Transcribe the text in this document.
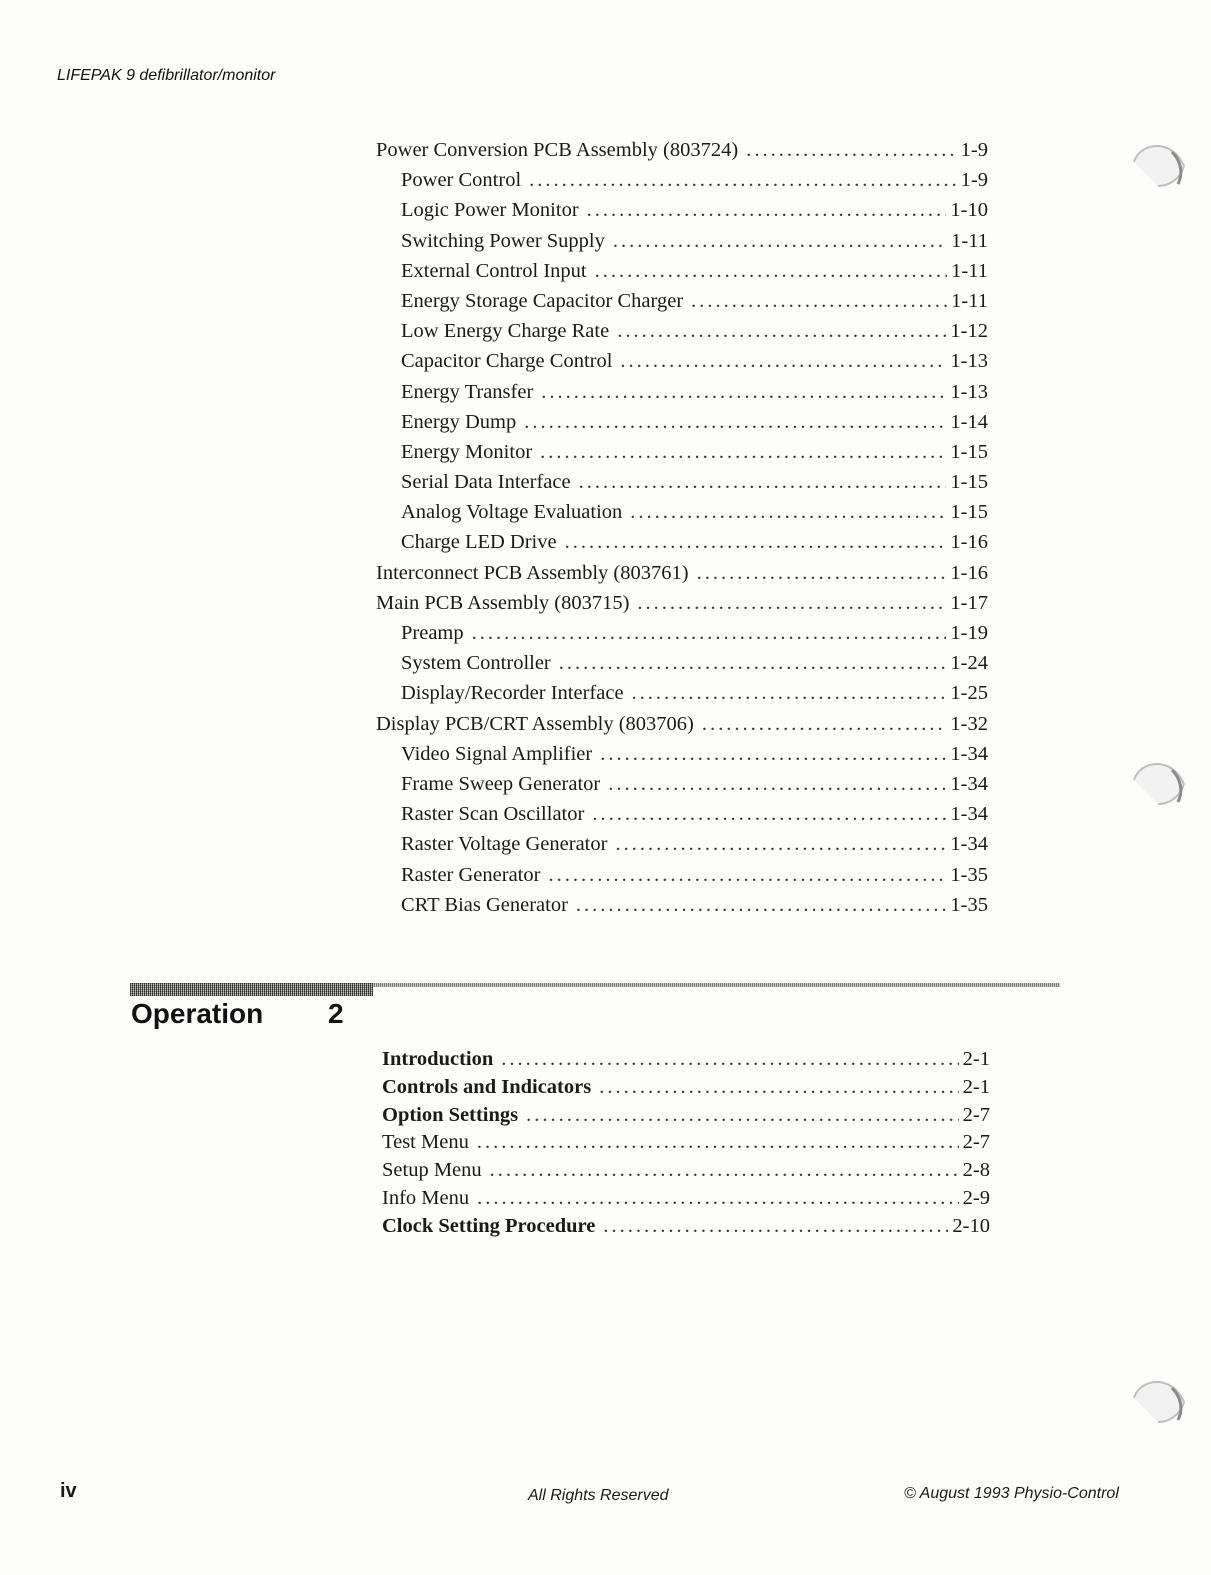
LIFEPAK 9 defibrillator/monitor
Power Conversion PCB Assembly (803724) .....	1-9
Power Control .....	1-9
Logic Power Monitor .....	1-10
Switching Power Supply .....	1-11
External Control Input .....	1-11
Energy Storage Capacitor Charger .....	1-11
Low Energy Charge Rate .....	1-12
Capacitor Charge Control .....	1-13
Energy Transfer .....	1-13
Energy Dump .....	1-14
Energy Monitor .....	1-15
Serial Data Interface .....	1-15
Analog Voltage Evaluation .....	1-15
Charge LED Drive .....	1-16
Interconnect PCB Assembly (803761) .....	1-16
Main PCB Assembly (803715) .....	1-17
Preamp .....	1-19
System Controller .....	1-24
Display/Recorder Interface .....	1-25
Display PCB/CRT Assembly (803706) .....	1-32
Video Signal Amplifier .....	1-34
Frame Sweep Generator .....	1-34
Raster Scan Oscillator .....	1-34
Raster Voltage Generator .....	1-34
Raster Generator .....	1-35
CRT Bias Generator .....	1-35
Operation 2
Introduction .....	2-1
Controls and Indicators .....	2-1
Option Settings .....	2-7
Test Menu .....	2-7
Setup Menu .....	2-8
Info Menu .....	2-9
Clock Setting Procedure .....	2-10
iv	All Rights Reserved	© August 1993 Physio-Control
